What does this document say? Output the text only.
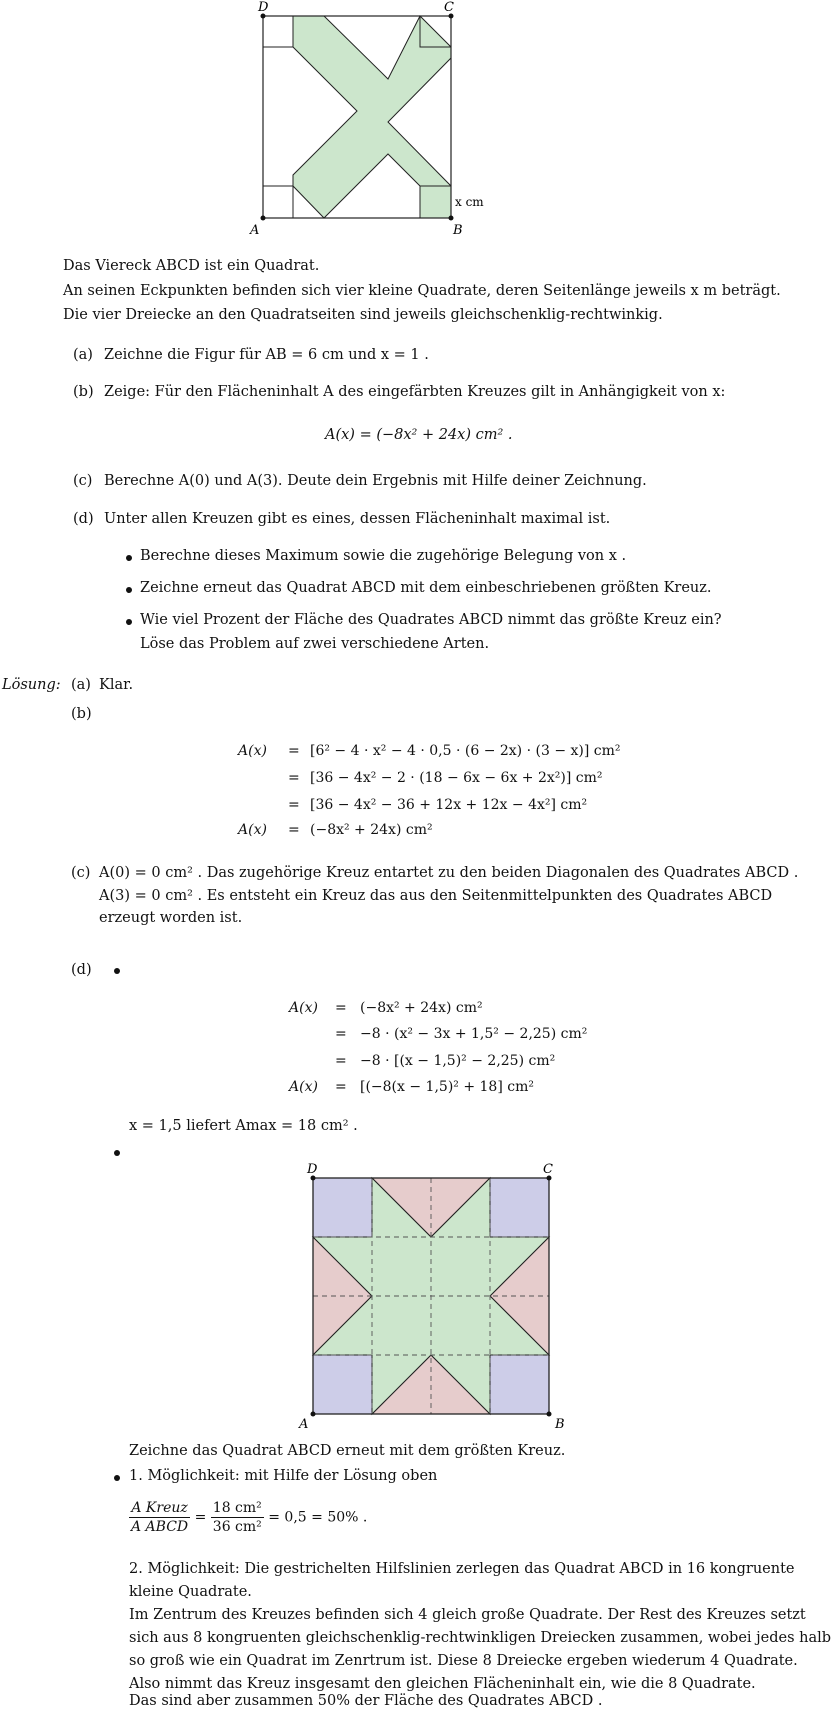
D	C
A	B
x cm
Das Viereck ABCD ist ein Quadrat.
An seinen Eckpunkten befinden sich vier kleine Quadrate, deren Seitenlänge jeweils x m beträgt.
Die vier Dreiecke an den Quadratseiten sind jeweils gleichschenklig-rechtwinkig.
(a) Zeichne die Figur für AB = 6 cm und x = 1 .
(b) Zeige: Für den Flächeninhalt A des eingefärbten Kreuzes gilt in Anhängigkeit von x:
A(x) = (−8x² + 24x) cm² .
(c) Berechne A(0) und A(3). Deute dein Ergebnis mit Hilfe deiner Zeichnung.
(d) Unter allen Kreuzen gibt es eines, dessen Flächeninhalt maximal ist.
Berechne dieses Maximum sowie die zugehörige Belegung von x .
Zeichne erneut das Quadrat ABCD mit dem einbeschriebenen größten Kreuz.
Wie viel Prozent der Fläche des Quadrates ABCD nimmt das größte Kreuz ein?
Löse das Problem auf zwei verschiedene Arten.
Lösung: (a) Klar.
(b)
A(x) = [6² − 4 · x² − 4 · 0,5 · (6 − 2x) · (3 − x)] cm²
= [36 − 4x² − 2 · (18 − 6x − 6x + 2x²)] cm²
= [36 − 4x² − 36 + 12x + 12x − 4x²] cm²
A(x) = (−8x² + 24x) cm²
(c) A(0) = 0 cm² . Das zugehörige Kreuz entartet zu den beiden Diagonalen des Quadrates ABCD .
A(3) = 0 cm² . Es entsteht ein Kreuz das aus den Seitenmittelpunkten des Quadrates ABCD
erzeugt worden ist.
(d)
A(x) = (−8x² + 24x) cm²
= −8 · (x² − 3x + 1,5² − 2,25) cm²
= −8 · [(x − 1,5)² − 2,25) cm²
A(x) = [(−8(x − 1,5)² + 18] cm²
x = 1,5 liefert Amax = 18 cm² .
D	C
A	B
Zeichne das Quadrat ABCD erneut mit dem größten Kreuz.
1. Möglichkeit: mit Hilfe der Lösung oben
$\frac{\text{A Kreuz}}{\text{A ABCD}} = \frac{\text{18 cm²}}{\text{36 cm²}} = 0,5 = 50\%$ .
2. Möglichkeit: Die gestrichelten Hilfslinien zerlegen das Quadrat ABCD in 16 kongruente
kleine Quadrate.
Im Zentrum des Kreuzes befinden sich 4 gleich große Quadrate. Der Rest des Kreuzes setzt
sich aus 8 kongruenten gleichschenklig-rechtwinkligen Dreiecken zusammen, wobei jedes halb
so groß wie ein Quadrat im Zenrtrum ist. Diese 8 Dreiecke ergeben wiederum 4 Quadrate.
Also nimmt das Kreuz insgesamt den gleichen Flächeninhalt ein, wie die 8 Quadrate.
Das sind aber zusammen 50% der Fläche des Quadrates ABCD .
